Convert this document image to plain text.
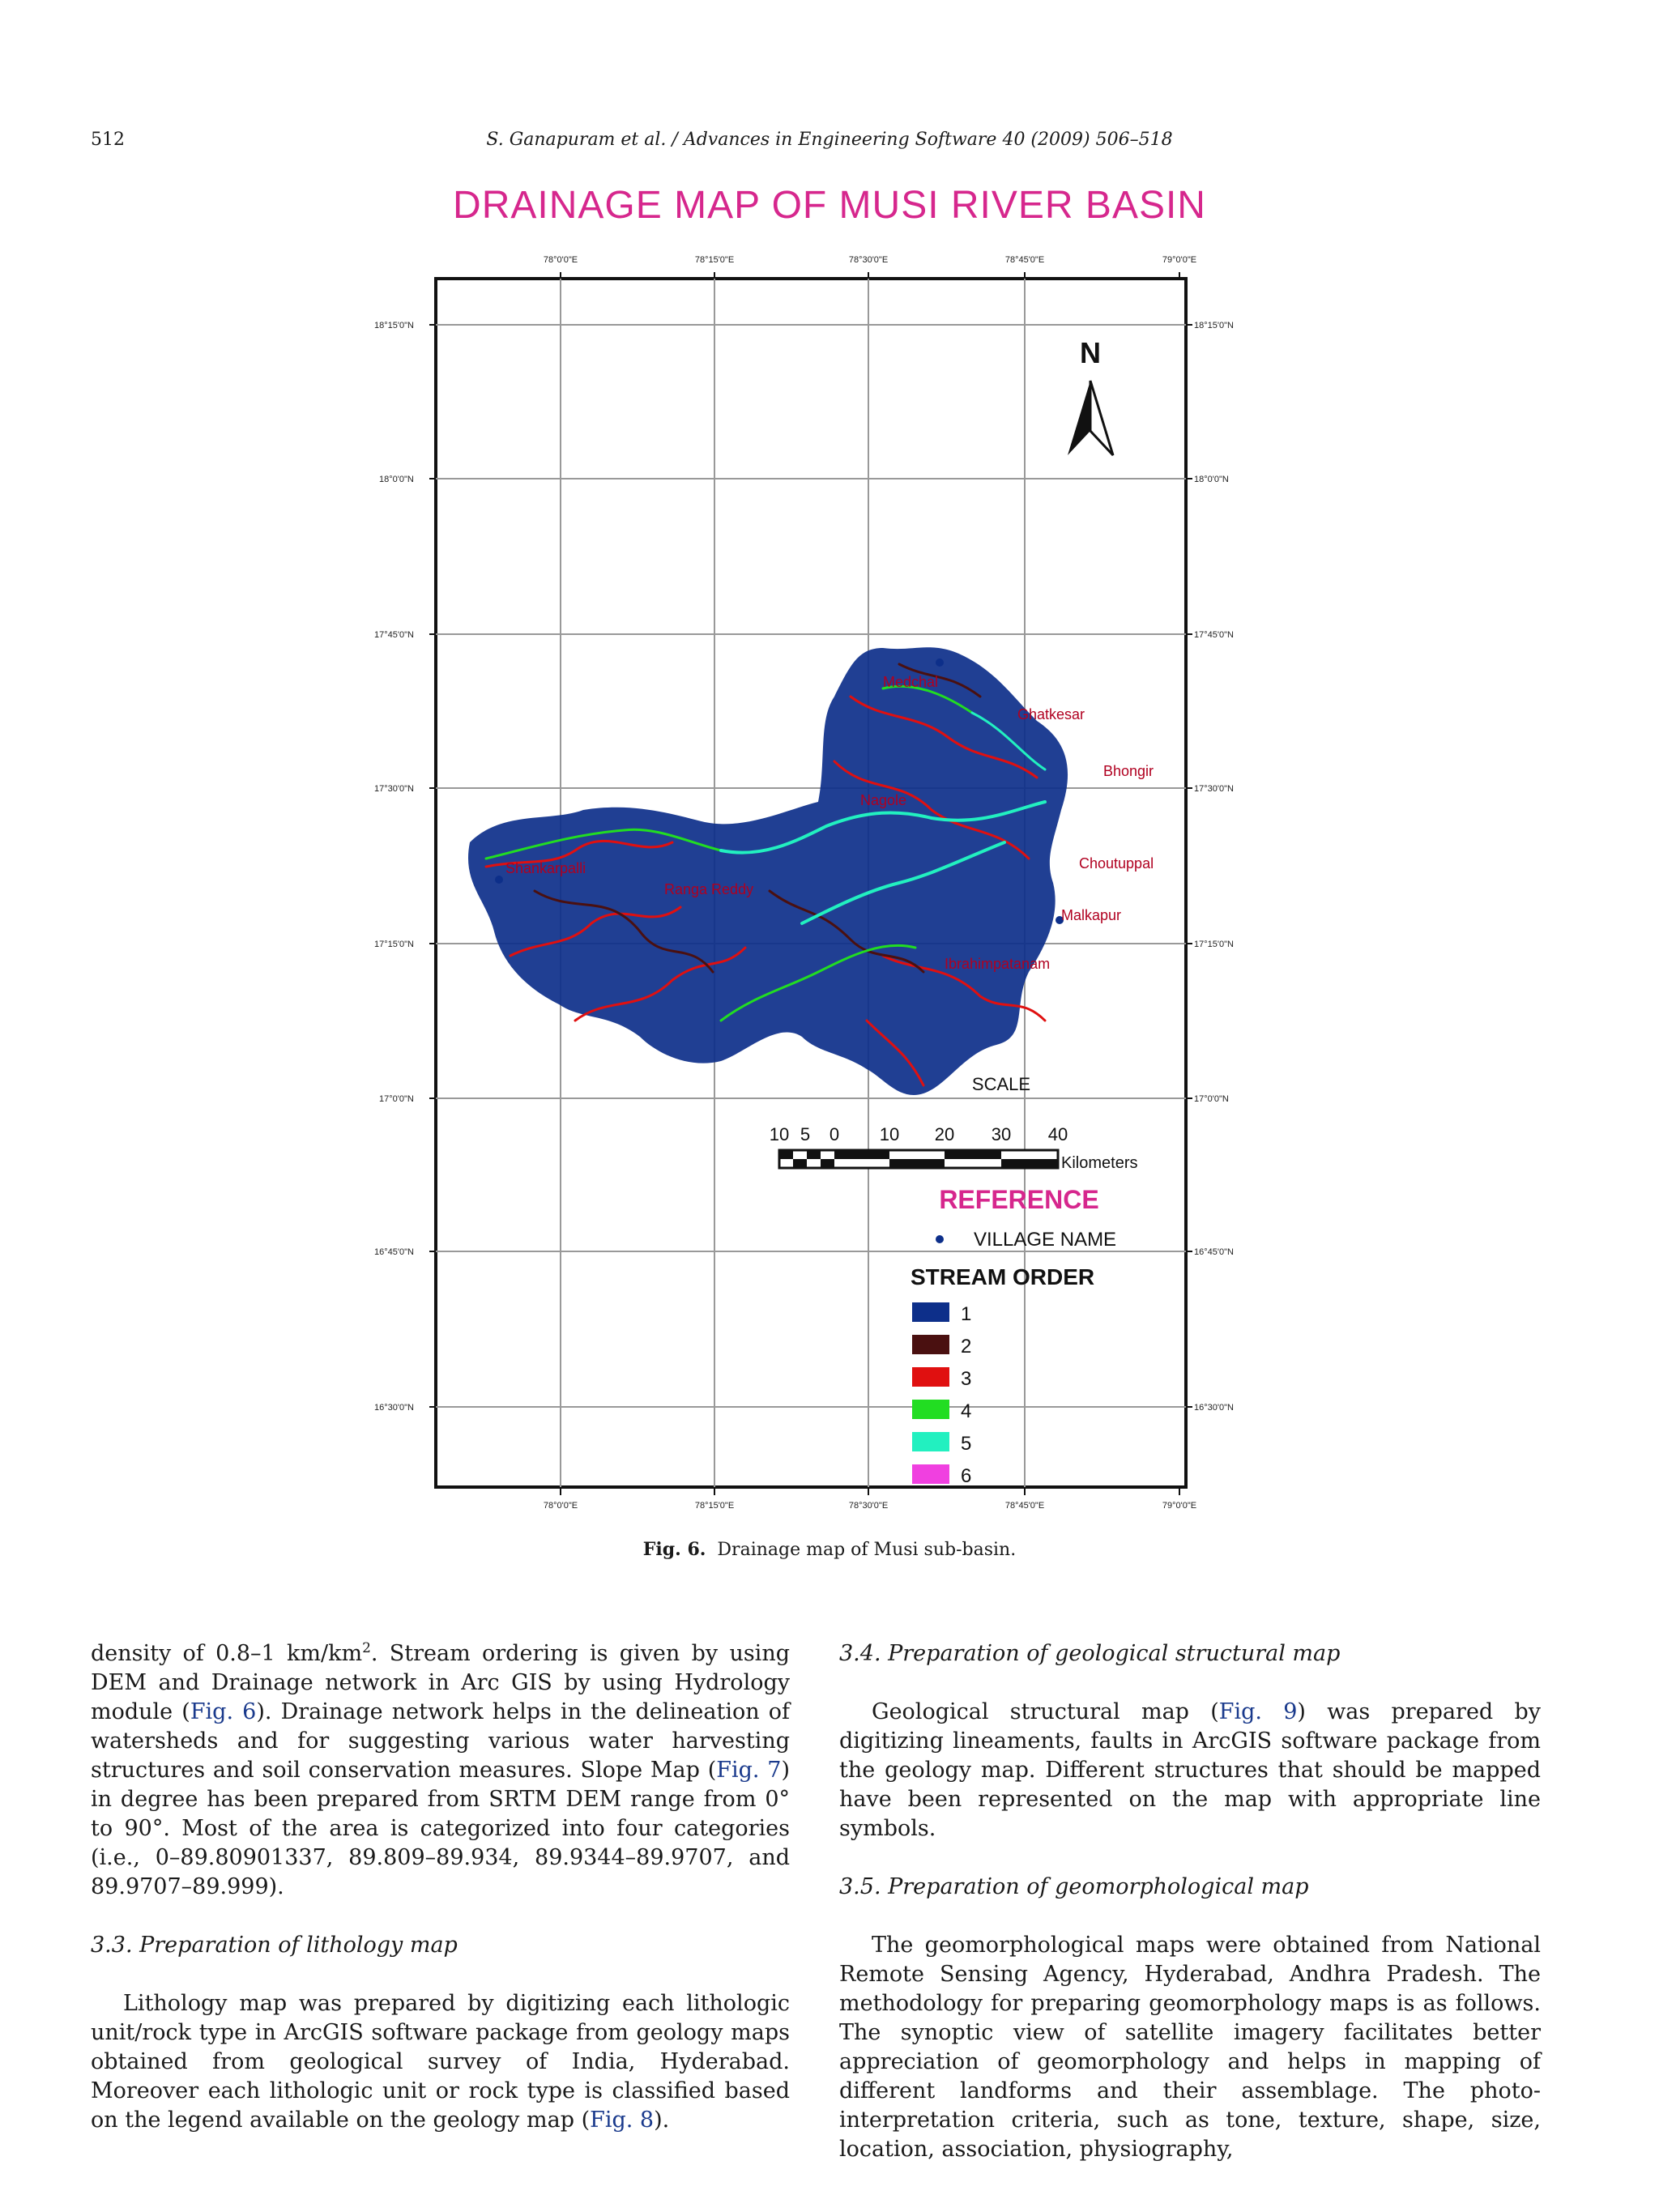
512	S. Ganapuram et al. / Advances in Engineering Software 40 (2009) 506–518
DRAINAGE MAP OF MUSI RIVER BASIN
78°0'0"E	78°15'0"E	78°30'0"E	78°45'0"E	79°0'0"E
78°0'0"E	78°15'0"E	78°30'0"E	78°45'0"E	79°0'0"E
18°15'0"N
18°0'0"N
17°45'0"N
17°30'0"N
17°15'0"N
17°0'0"N
16°45'0"N
16°30'0"N
18°15'0"N
18°0'0"N
17°45'0"N
17°30'0"N
17°15'0"N
17°0'0"N
16°45'0"N
16°30'0"N
N
Medchal
Bhongir
Nagole
Ibrahimpatanam
Malkapur
Choutuppal
Ghatkesar
Shankarpalli
Ranga Reddy
SCALE
10 5 0 10 20 30 40
Kilometers
REFERENCE
VILLAGE NAME
STREAM ORDER
1
2
3
4
5
6
Fig. 6. Drainage map of Musi sub-basin.

density of 0.8–1 $km/km^2$. Stream ordering is given by using DEM and Drainage network in Arc GIS by using Hydrology module (Fig. 6). Drainage network helps in the delineation of watersheds and for suggesting various water harvesting structures and soil conservation measures. Slope Map (Fig. 7) in degree has been prepared from SRTM DEM range from 0° to 90°. Most of the area is categorized into four categories (i.e., 0–89.80901337, 89.809–89.934, 89.9344–89.9707, and 89.9707–89.999).

3.3. Preparation of lithology map

Lithology map was prepared by digitizing each lithologic unit/rock type in ArcGIS software package from geology maps obtained from geological survey of India, Hyderabad. Moreover each lithologic unit or rock type is classified based on the legend available on the geology map (Fig. 8).

3.4. Preparation of geological structural map

Geological structural map (Fig. 9) was prepared by digitizing lineaments, faults in ArcGIS software package from the geology map. Different structures that should be mapped have been represented on the map with appropriate line symbols.

3.5. Preparation of geomorphological map

The geomorphological maps were obtained from National Remote Sensing Agency, Hyderabad, Andhra Pradesh. The methodology for preparing geomorphology maps is as follows. The synoptic view of satellite imagery facilitates better appreciation of geomorphology and helps in mapping of different landforms and their assemblage. The photo-interpretation criteria, such as tone, texture, shape, size, location, association, physiography,
